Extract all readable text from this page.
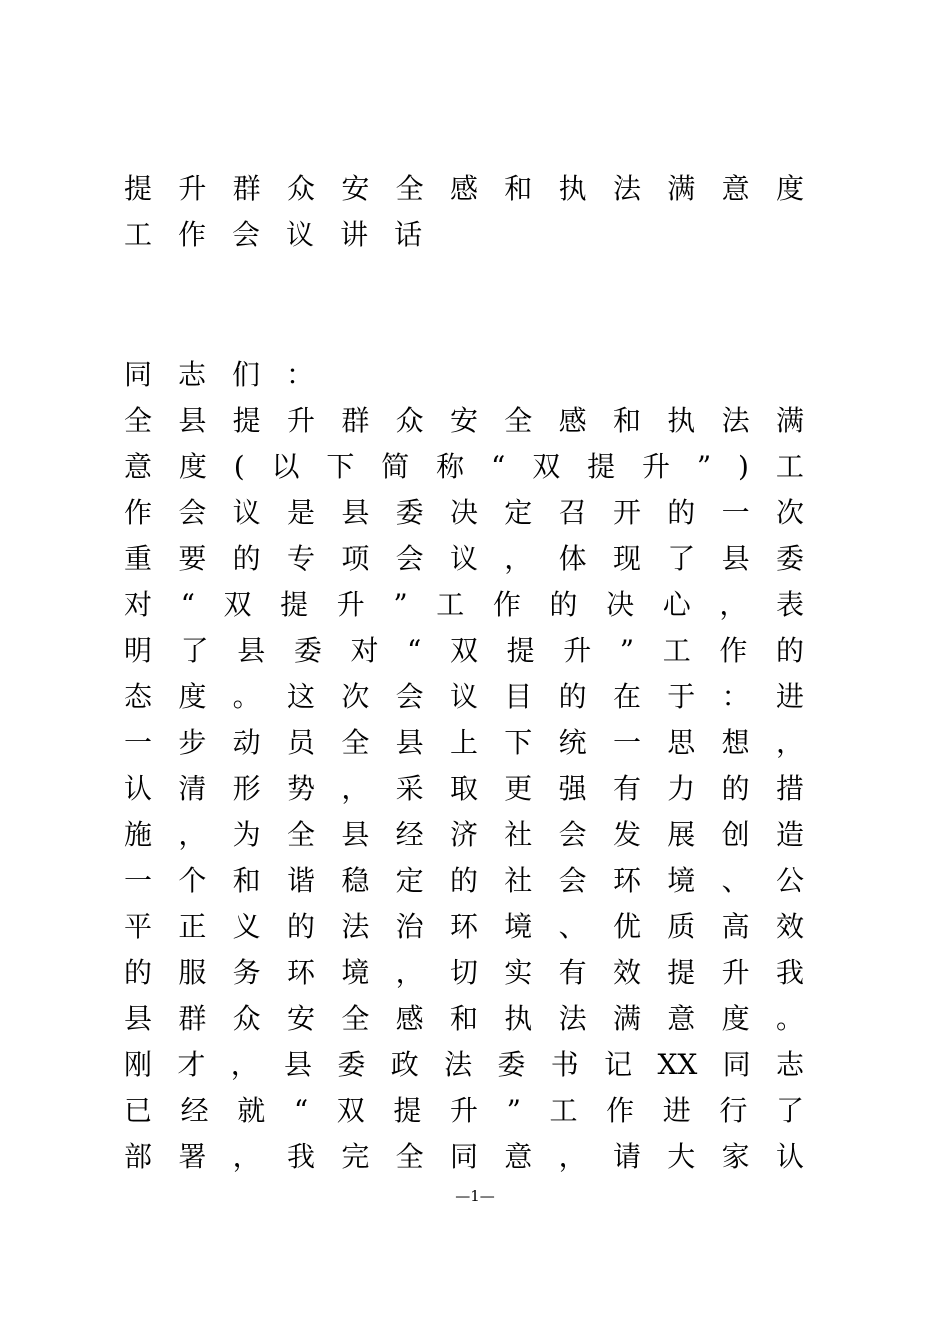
提 升 群 众 安 全 感 和 执 法 满 意 度
工 作 会 议 讲 话
同 志 们 ：
全 县 提 升 群 众 安 全 感 和 执 法 满
意 度 ( 以 下 简 称 “ 双 提 升 ” ) 工
作 会 议 是 县 委 决 定 召 开 的 一 次
重 要 的 专 项 会 议 ， 体 现 了 县 委
对 “ 双 提 升 ” 工 作 的 决 心 ， 表
明 了 县 委 对 “ 双 提 升 ” 工 作 的
态 度 。 这 次 会 议 目 的 在 于 ： 进
一 步 动 员 全 县 上 下 统 一 思 想 ，
认 清 形 势 ， 采 取 更 强 有 力 的 措
施 ， 为 全 县 经 济 社 会 发 展 创 造
一 个 和 谐 稳 定 的 社 会 环 境 、 公
平 正 义 的 法 治 环 境 、 优 质 高 效
的 服 务 环 境 ， 切 实 有 效 提 升 我
县 群 众 安 全 感 和 执 法 满 意 度 。
刚 才 ， 县 委 政 法 委 书 记 XX 同 志
已 经 就 “ 双 提 升 ” 工 作 进 行 了
部 署 ， 我 完 全 同 意 ， 请 大 家 认
—1—
